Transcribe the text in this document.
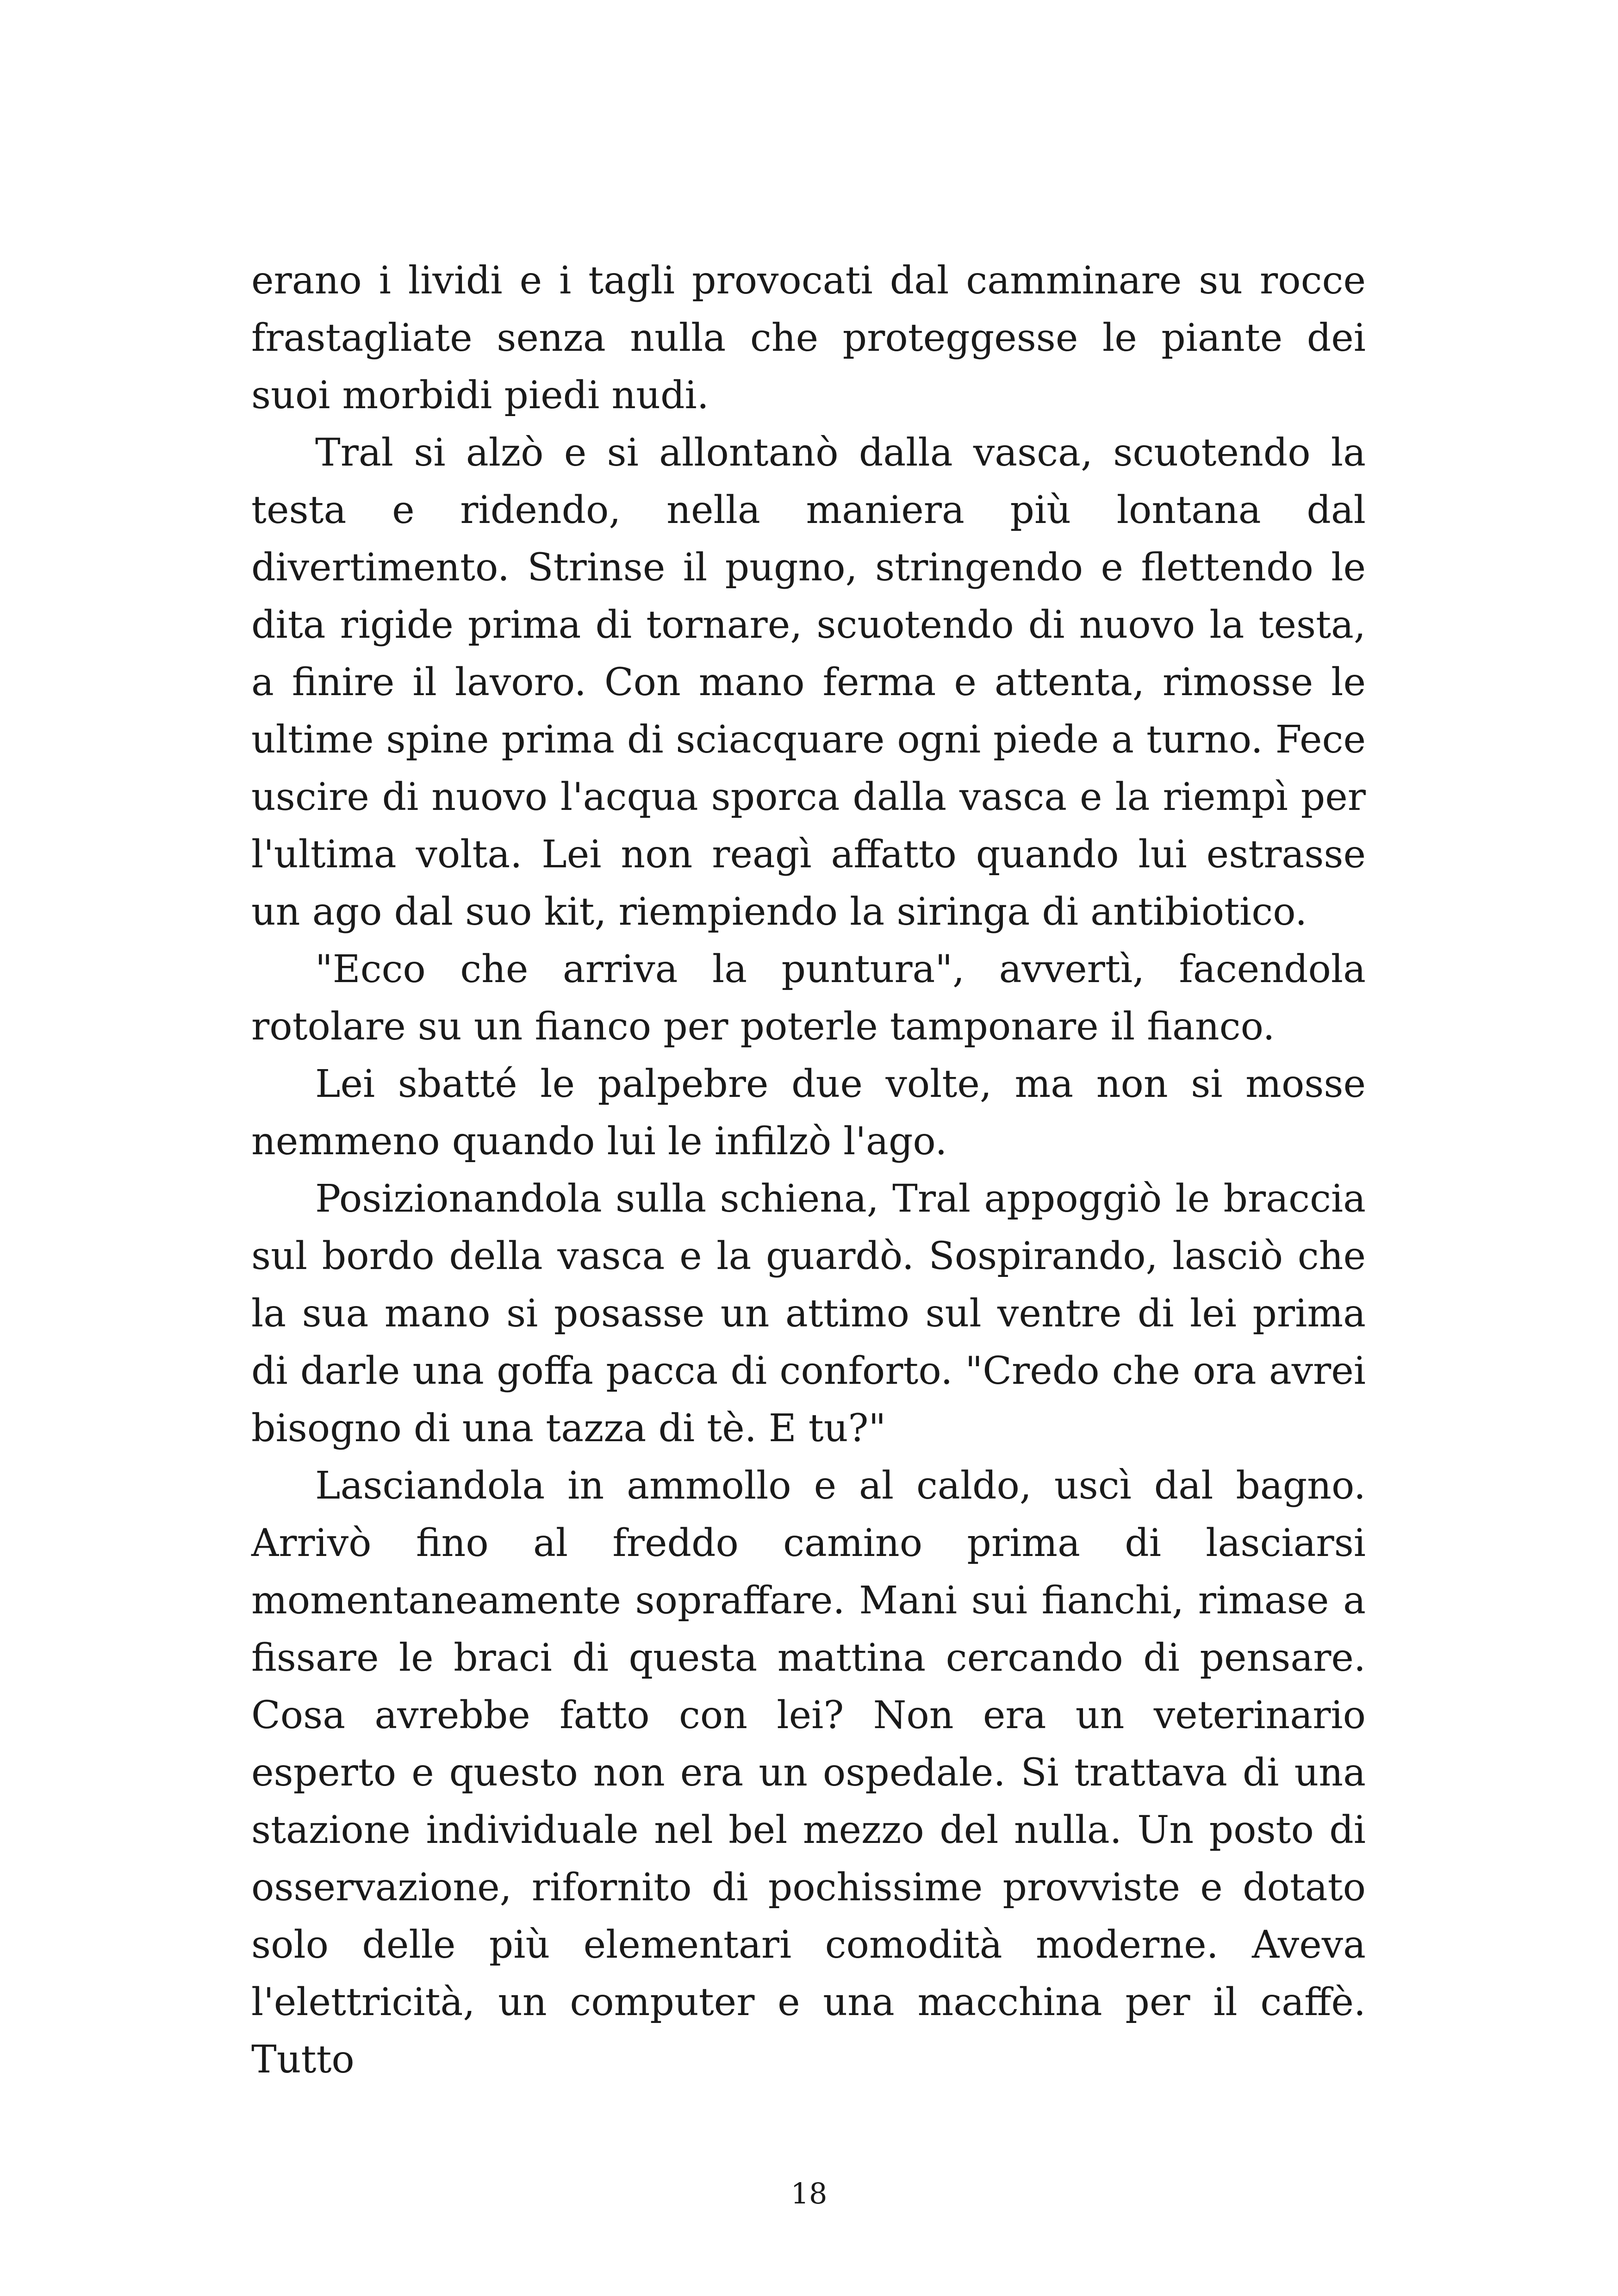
erano i lividi e i tagli provocati dal camminare su rocce frastagliate senza nulla che proteggesse le piante dei suoi morbidi piedi nudi.

Tral si alzò e si allontanò dalla vasca, scuotendo la testa e ridendo, nella maniera più lontana dal divertimento. Strinse il pugno, stringendo e flettendo le dita rigide prima di tornare, scuotendo di nuovo la testa, a finire il lavoro. Con mano ferma e attenta, rimosse le ultime spine prima di sciacquare ogni piede a turno. Fece uscire di nuovo l'acqua sporca dalla vasca e la riempì per l'ultima volta. Lei non reagì affatto quando lui estrasse un ago dal suo kit, riempiendo la siringa di antibiotico.

"Ecco che arriva la puntura", avvertì, facendola rotolare su un fianco per poterle tamponare il fianco.

Lei sbatté le palpebre due volte, ma non si mosse nemmeno quando lui le infilzò l'ago.

Posizionandola sulla schiena, Tral appoggiò le braccia sul bordo della vasca e la guardò. Sospirando, lasciò che la sua mano si posasse un attimo sul ventre di lei prima di darle una goffa pacca di conforto. "Credo che ora avrei bisogno di una tazza di tè. E tu?"

Lasciandola in ammollo e al caldo, uscì dal bagno. Arrivò fino al freddo camino prima di lasciarsi momentaneamente sopraffare. Mani sui fianchi, rimase a fissare le braci di questa mattina cercando di pensare. Cosa avrebbe fatto con lei? Non era un veterinario esperto e questo non era un ospedale. Si trattava di una stazione individuale nel bel mezzo del nulla. Un posto di osservazione, rifornito di pochissime provviste e dotato solo delle più elementari comodità moderne. Aveva l'elettricità, un computer e una macchina per il caffè. Tutto

18
